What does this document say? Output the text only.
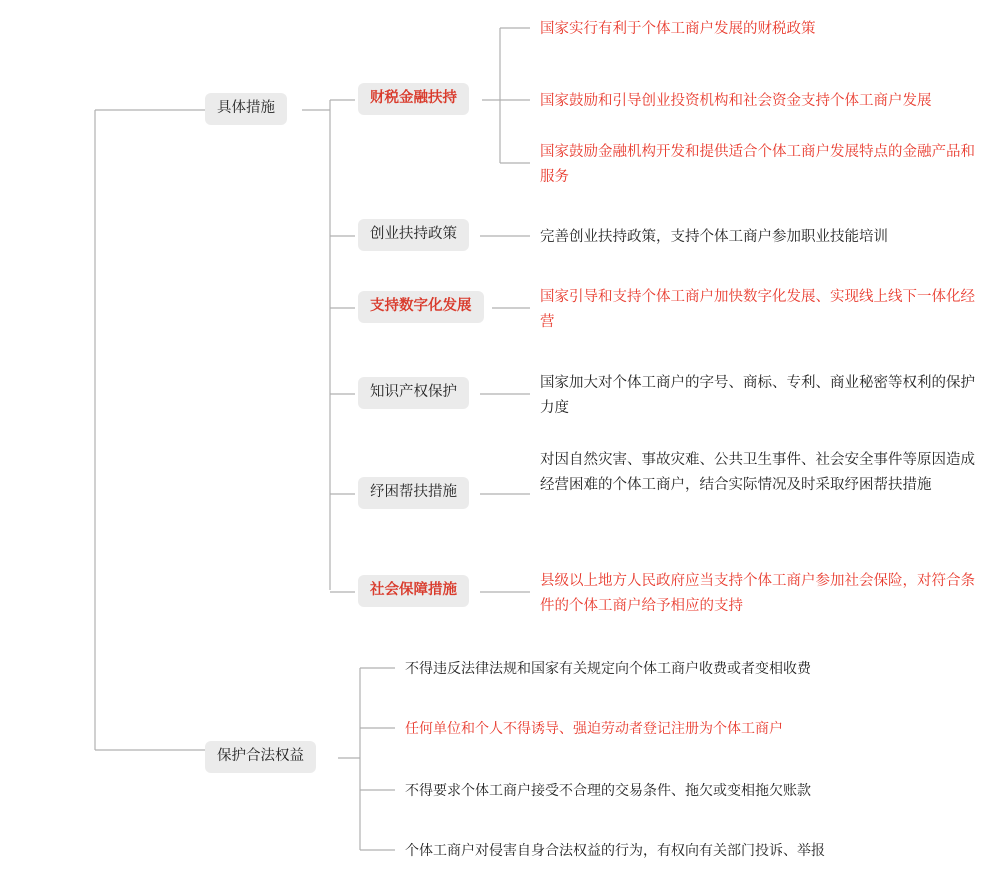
具体措施
财税金融扶持
国家实行有利于个体工商户发展的财税政策
国家鼓励和引导创业投资机构和社会资金支持个体工商户发展
国家鼓励金融机构开发和提供适合个体工商户发展特点的金融产品和服务
创业扶持政策	完善创业扶持政策，支持个体工商户参加职业技能培训
支持数字化发展
国家引导和支持个体工商户加快数字化发展、实现线上线下一体化经营
知识产权保护
国家加大对个体工商户的字号、商标、专利、商业秘密等权利的保护力度
纾困帮扶措施
对因自然灾害、事故灾难、公共卫生事件、社会安全事件等原因造成经营困难的个体工商户，结合实际情况及时采取纾困帮扶措施
社会保障措施
县级以上地方人民政府应当支持个体工商户参加社会保险，对符合条件的个体工商户给予相应的支持
保护合法权益
不得违反法律法规和国家有关规定向个体工商户收费或者变相收费
任何单位和个人不得诱导、强迫劳动者登记注册为个体工商户
不得要求个体工商户接受不合理的交易条件、拖欠或变相拖欠账款
个体工商户对侵害自身合法权益的行为，有权向有关部门投诉、举报
